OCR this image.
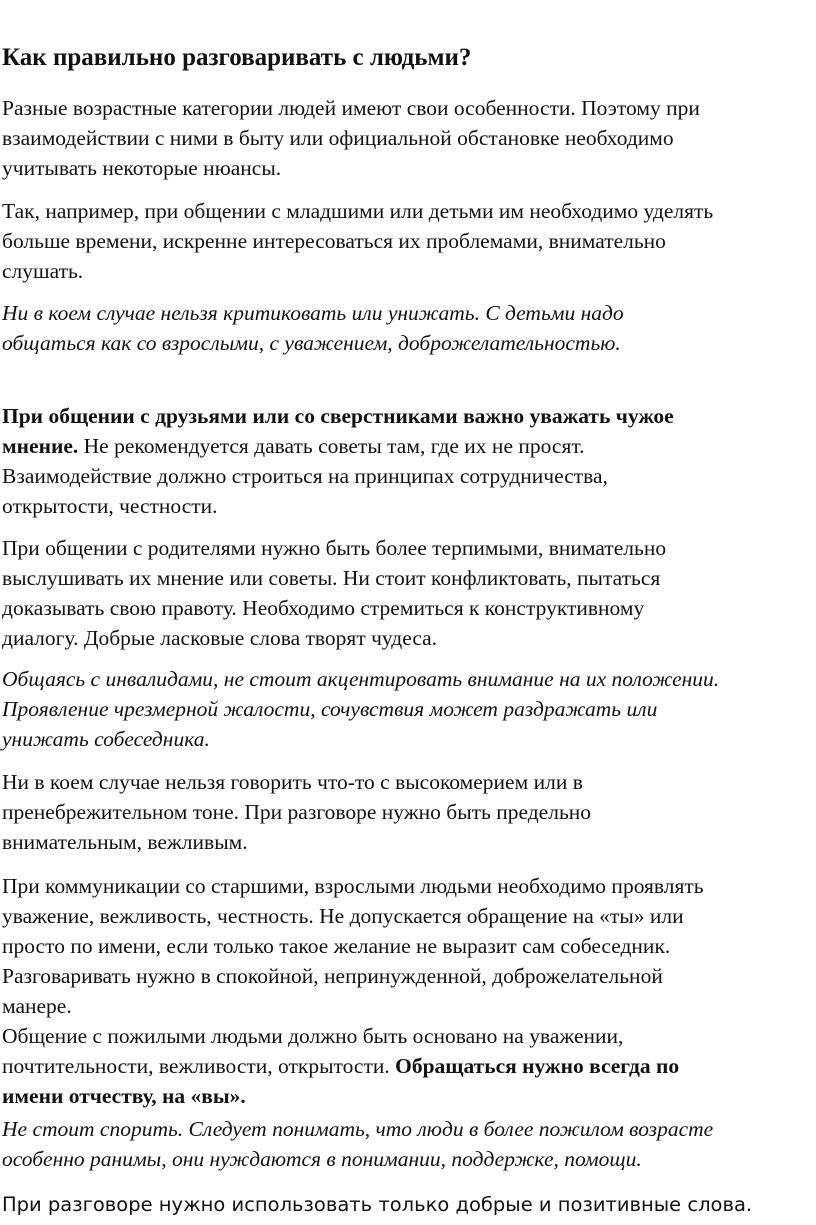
Как правильно разговаривать с людьми?

Разные возрастные категории людей имеют свои особенности. Поэтому при
взаимодействии с ними в быту или официальной обстановке необходимо
учитывать некоторые нюансы.

Так, например, при общении с младшими или детьми им необходимо уделять
больше времени, искренне интересоваться их проблемами, внимательно
слушать.

Ни в коем случае нельзя критиковать или унижать. С детьми надо
общаться как со взрослыми, с уважением, доброжелательностью.

При общении с друзьями или со сверстниками важно уважать чужое
мнение. Не рекомендуется давать советы там, где их не просят.
Взаимодействие должно строиться на принципах сотрудничества,
открытости, честности.

При общении с родителями нужно быть более терпимыми, внимательно
выслушивать их мнение или советы. Ни стоит конфликтовать, пытаться
доказывать свою правоту. Необходимо стремиться к конструктивному
диалогу. Добрые ласковые слова творят чудеса.

Общаясь с инвалидами, не стоит акцентировать внимание на их положении.
Проявление чрезмерной жалости, сочувствия может раздражать или
унижать собеседника.

Ни в коем случае нельзя говорить что-то с высокомерием или в
пренебрежительном тоне. При разговоре нужно быть предельно
внимательным, вежливым.

При коммуникации со старшими, взрослыми людьми необходимо проявлять
уважение, вежливость, честность. Не допускается обращение на «ты» или
просто по имени, если только такое желание не выразит сам собеседник.
Разговаривать нужно в спокойной, непринужденной, доброжелательной
манере.
Общение с пожилыми людьми должно быть основано на уважении,
почтительности, вежливости, открытости. Обращаться нужно всегда по
имени отчеству, на «вы».

Не стоит спорить. Следует понимать, что люди в более пожилом возрасте
особенно ранимы, они нуждаются в понимании, поддержке, помощи.

При разговоре нужно использовать только добрые и позитивные слова.
